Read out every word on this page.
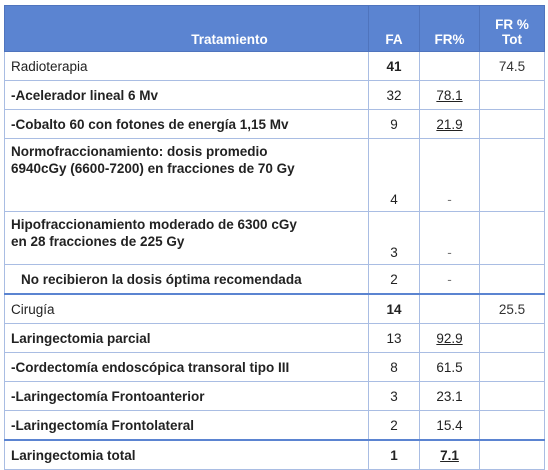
Tratamiento	FA	FR%	FR %
Tot
Radioterapia	41		74.5
-Acelerador lineal 6 Mv	32	78.1	
-Cobalto 60 con fotones de energía 1,15 Mv	9	21.9	
Normofraccionamiento: dosis promedio
6940cGy (6600-7200) en fracciones de 70 Gy	4	-	
Hipofraccionamiento moderado de 6300 cGy
en 28 fracciones de 225 Gy	3	-	
No recibieron la dosis óptima recomendada	2	-	
Cirugía	14		25.5
Laringectomia parcial	13	92.9	
-Cordectomía endoscópica transoral tipo III	8	61.5	
-Laringectomía Frontoanterior	3	23.1	
-Laringectomía Frontolateral	2	15.4	
Laringectomia total	1	7.1	
